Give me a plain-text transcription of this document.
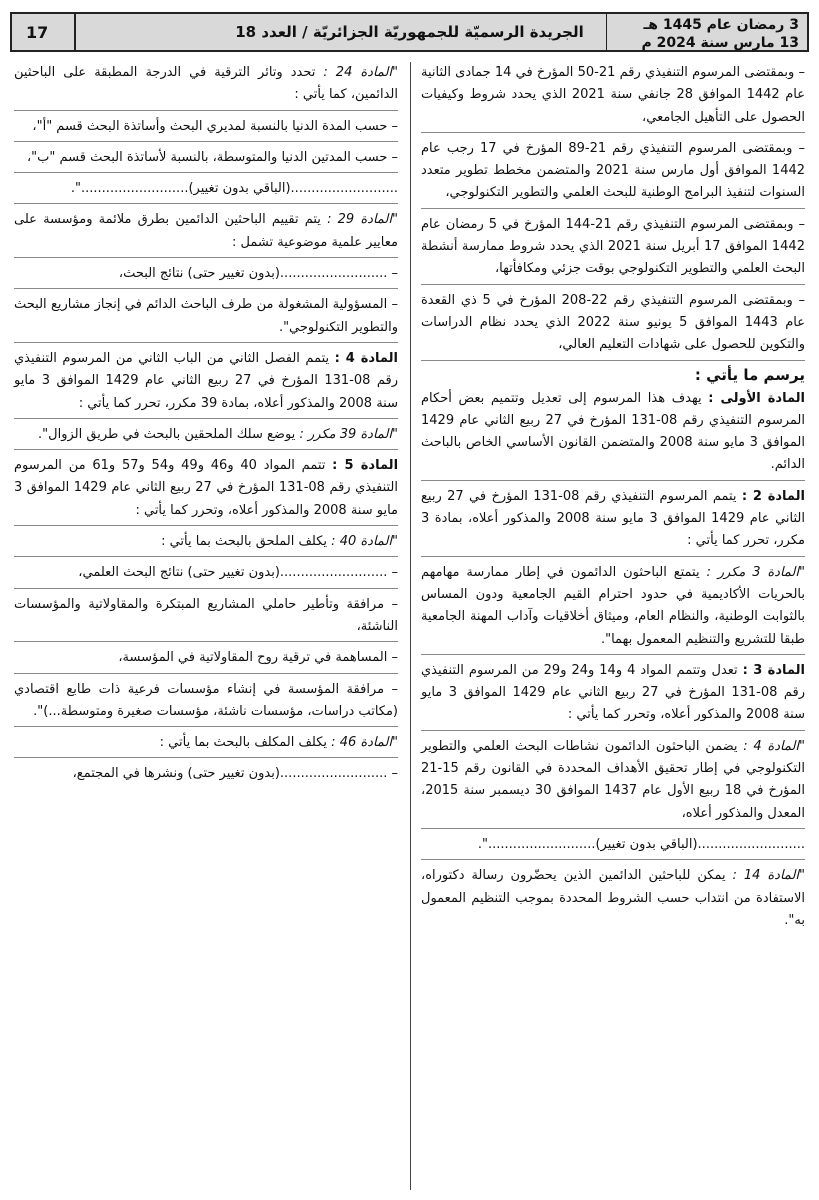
3 رمضان عام 1445 هـ
13 مارس سنة 2024 م
الجريدة الرسميّة للجمهوريّة الجزائريّة / العدد 18
17

– وبمقتضى المرسوم التنفيذي رقم 21-50 المؤرخ في 14 جمادى الثانية عام 1442 الموافق 28 جانفي سنة 2021 الذي يحدد شروط وكيفيات الحصول على التأهيل الجامعي،

– وبمقتضى المرسوم التنفيذي رقم 21-89 المؤرخ في 17 رجب عام 1442 الموافق أول مارس سنة 2021 والمتضمن مخطط تطوير متعدد السنوات لتنفيذ البرامج الوطنية للبحث العلمي والتطوير التكنولوجي،

– وبمقتضى المرسوم التنفيذي رقم 21-144 المؤرخ في 5 رمضان عام 1442 الموافق 17 أبريل سنة 2021 الذي يحدد شروط ممارسة أنشطة البحث العلمي والتطوير التكنولوجي بوقت جزئي ومكافأتها،

– وبمقتضى المرسوم التنفيذي رقم 22-208 المؤرخ في 5 ذي القعدة عام 1443 الموافق 5 يونيو سنة 2022 الذي يحدد نظام الدراسات والتكوين للحصول على شهادات التعليم العالي،

يرسم ما يأتي :

المادة الأولى : يهدف هذا المرسوم إلى تعديل وتتميم بعض أحكام المرسوم التنفيذي رقم 08-131 المؤرخ في 27 ربيع الثاني عام 1429 الموافق 3 مايو سنة 2008 والمتضمن القانون الأساسي الخاص بالباحث الدائم.

المادة 2 : يتمم المرسوم التنفيذي رقم 08-131 المؤرخ في 27 ربيع الثاني عام 1429 الموافق 3 مايو سنة 2008 والمذكور أعلاه، بمادة 3 مكرر، تحرر كما يأتي :

"المادة 3 مكرر : يتمتع الباحثون الدائمون في إطار ممارسة مهامهم بالحريات الأكاديمية في حدود احترام القيم الجامعية ودون المساس بالثوابت الوطنية، والنظام العام، وميثاق أخلاقيات وآداب المهنة الجامعية طبقا للتشريع والتنظيم المعمول بهما".

المادة 3 : تعدل وتتمم المواد 4 و14 و24 و29 من المرسوم التنفيذي رقم 08-131 المؤرخ في 27 ربيع الثاني عام 1429 الموافق 3 مايو سنة 2008 والمذكور أعلاه، وتحرر كما يأتي :

"المادة 4 : يضمن الباحثون الدائمون نشاطات البحث العلمي والتطوير التكنولوجي في إطار تحقيق الأهداف المحددة في القانون رقم 15-21 المؤرخ في 18 ربيع الأول عام 1437 الموافق 30 ديسمبر سنة 2015، المعدل والمذكور أعلاه،

..........................(الباقي بدون تغيير)..........................".

"المادة 14 : يمكن للباحثين الدائمين الذين يحضّرون رسالة دكتوراه، الاستفادة من انتداب حسب الشروط المحددة بموجب التنظيم المعمول به".

"المادة 24 : تحدد وتائر الترقية في الدرجة المطبقة على الباحثين الدائمين، كما يأتي :

– حسب المدة الدنيا بالنسبة لمديري البحث وأساتذة البحث قسم "أ"،

– حسب المدتين الدنيا والمتوسطة، بالنسبة لأساتذة البحث قسم "ب"،

..........................(الباقي بدون تغيير)..........................".

"المادة 29 : يتم تقييم الباحثين الدائمين بطرق ملائمة ومؤسسة على معايير علمية موضوعية تشمل :

– ..........................(بدون تغيير حتى) نتائج البحث،

– المسؤولية المشغولة من طرف الباحث الدائم في إنجاز مشاريع البحث والتطوير التكنولوجي".

المادة 4 : يتمم الفصل الثاني من الباب الثاني من المرسوم التنفيذي رقم 08-131 المؤرخ في 27 ربيع الثاني عام 1429 الموافق 3 مايو سنة 2008 والمذكور أعلاه، بمادة 39 مكرر، تحرر كما يأتي :

"المادة 39 مكرر : يوضع سلك الملحقين بالبحث في طريق الزوال".

المادة 5 : تتمم المواد 40 و46 و49 و54 و57 و61 من المرسوم التنفيذي رقم 08-131 المؤرخ في 27 ربيع الثاني عام 1429 الموافق 3 مايو سنة 2008 والمذكور أعلاه، وتحرر كما يأتي :

"المادة 40 : يكلف الملحق بالبحث بما يأتي :

– ..........................(بدون تغيير حتى) نتائج البحث العلمي،

– مرافقة وتأطير حاملي المشاريع المبتكرة والمقاولاتية والمؤسسات الناشئة،

– المساهمة في ترقية روح المقاولاتية في المؤسسة،

– مرافقة المؤسسة في إنشاء مؤسسات فرعية ذات طابع اقتصادي (مكاتب دراسات، مؤسسات ناشئة، مؤسسات صغيرة ومتوسطة...)".

"المادة 46 : يكلف المكلف بالبحث بما يأتي :

– ..........................(بدون تغيير حتى) ونشرها في المجتمع،
